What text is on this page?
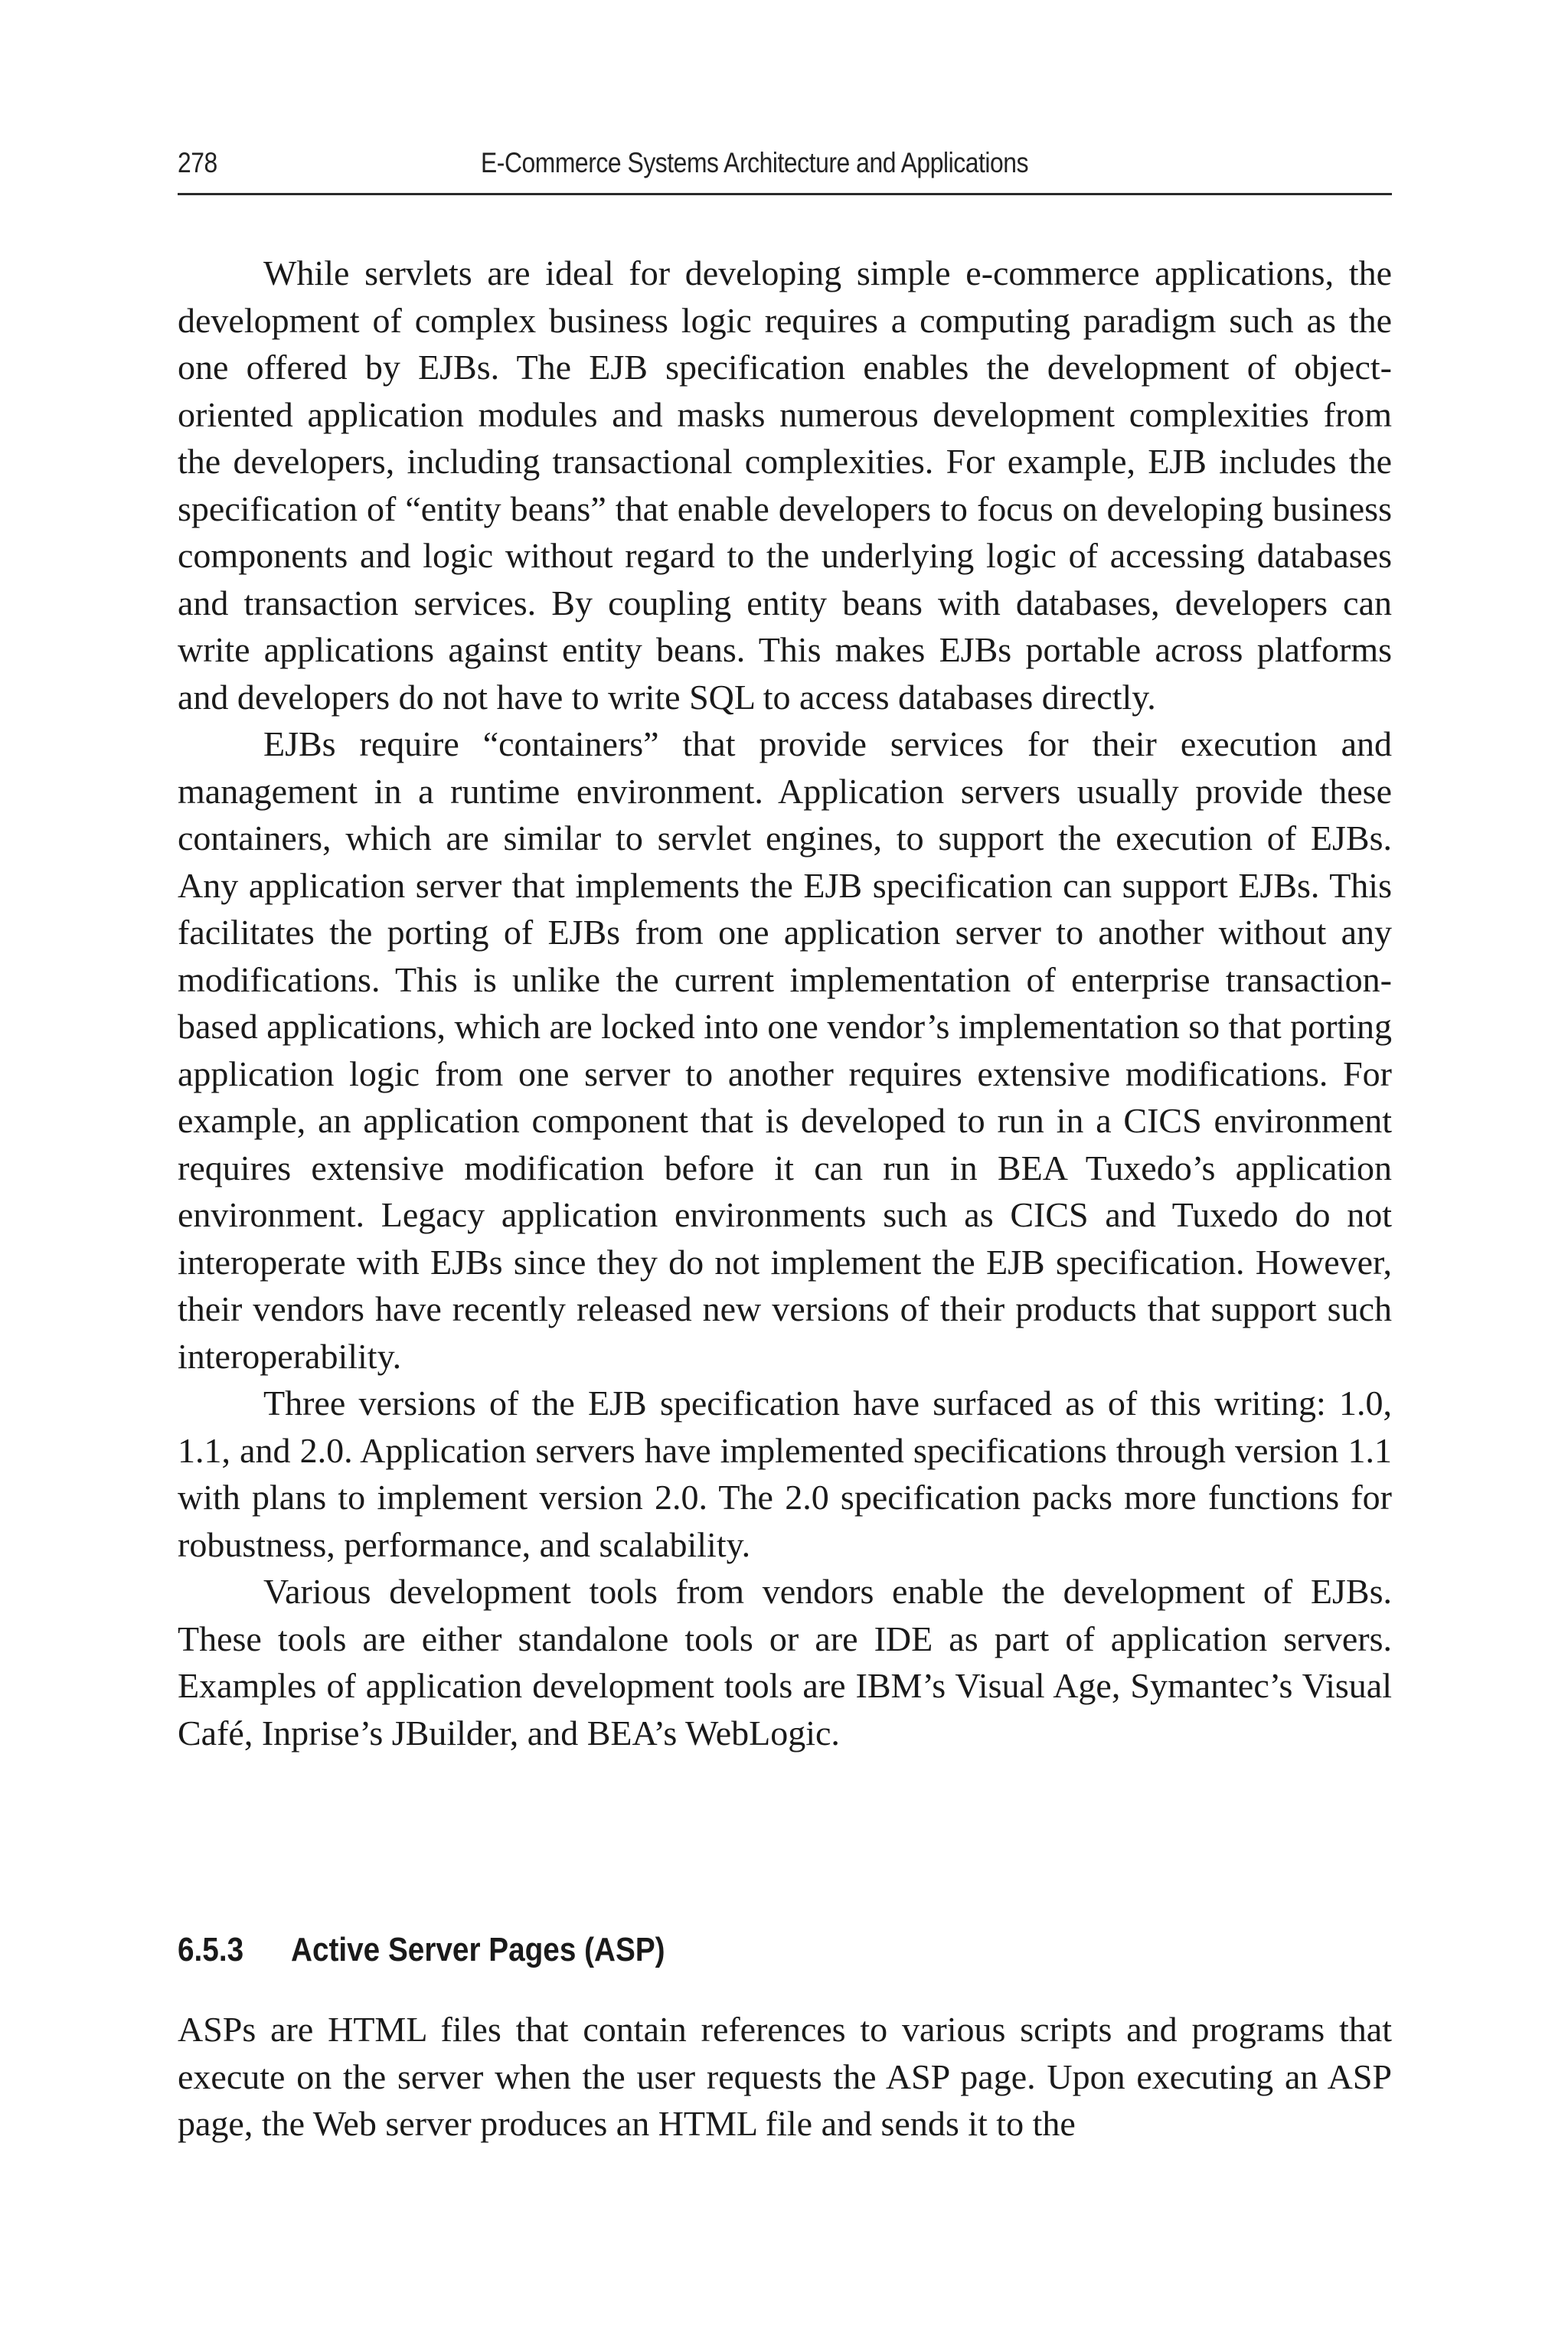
278	E-Commerce Systems Architecture and Applications

While servlets are ideal for developing simple e-commerce applications, the development of complex business logic requires a computing paradigm such as the one offered by EJBs. The EJB specification enables the development of object-oriented application modules and masks numerous development complexities from the developers, including transactional complexities. For example, EJB includes the specification of “entity beans” that enable developers to focus on developing business components and logic without regard to the underlying logic of accessing databases and transaction services. By coupling entity beans with databases, developers can write applications against entity beans. This makes EJBs portable across platforms and developers do not have to write SQL to access databases directly.

EJBs require “containers” that provide services for their execution and management in a runtime environment. Application servers usually provide these containers, which are similar to servlet engines, to support the execution of EJBs. Any application server that implements the EJB specification can support EJBs. This facilitates the porting of EJBs from one application server to another without any modifications. This is unlike the current implementation of enterprise transaction-based applications, which are locked into one vendor’s implementation so that porting application logic from one server to another requires extensive modifications. For example, an application component that is developed to run in a CICS environment requires extensive modification before it can run in BEA Tuxedo’s application environment. Legacy application environments such as CICS and Tuxedo do not interoperate with EJBs since they do not implement the EJB specification. However, their vendors have recently released new versions of their products that support such interoperability.

Three versions of the EJB specification have surfaced as of this writing: 1.0, 1.1, and 2.0. Application servers have implemented specifications through version 1.1 with plans to implement version 2.0. The 2.0 specification packs more functions for robustness, performance, and scalability.

Various development tools from vendors enable the development of EJBs. These tools are either standalone tools or are IDE as part of application servers. Examples of application development tools are IBM’s Visual Age, Symantec’s Visual Café, Inprise’s JBuilder, and BEA’s WebLogic.

6.5.3 Active Server Pages (ASP)

ASPs are HTML files that contain references to various scripts and programs that execute on the server when the user requests the ASP page. Upon executing an ASP page, the Web server produces an HTML file and sends it to the
